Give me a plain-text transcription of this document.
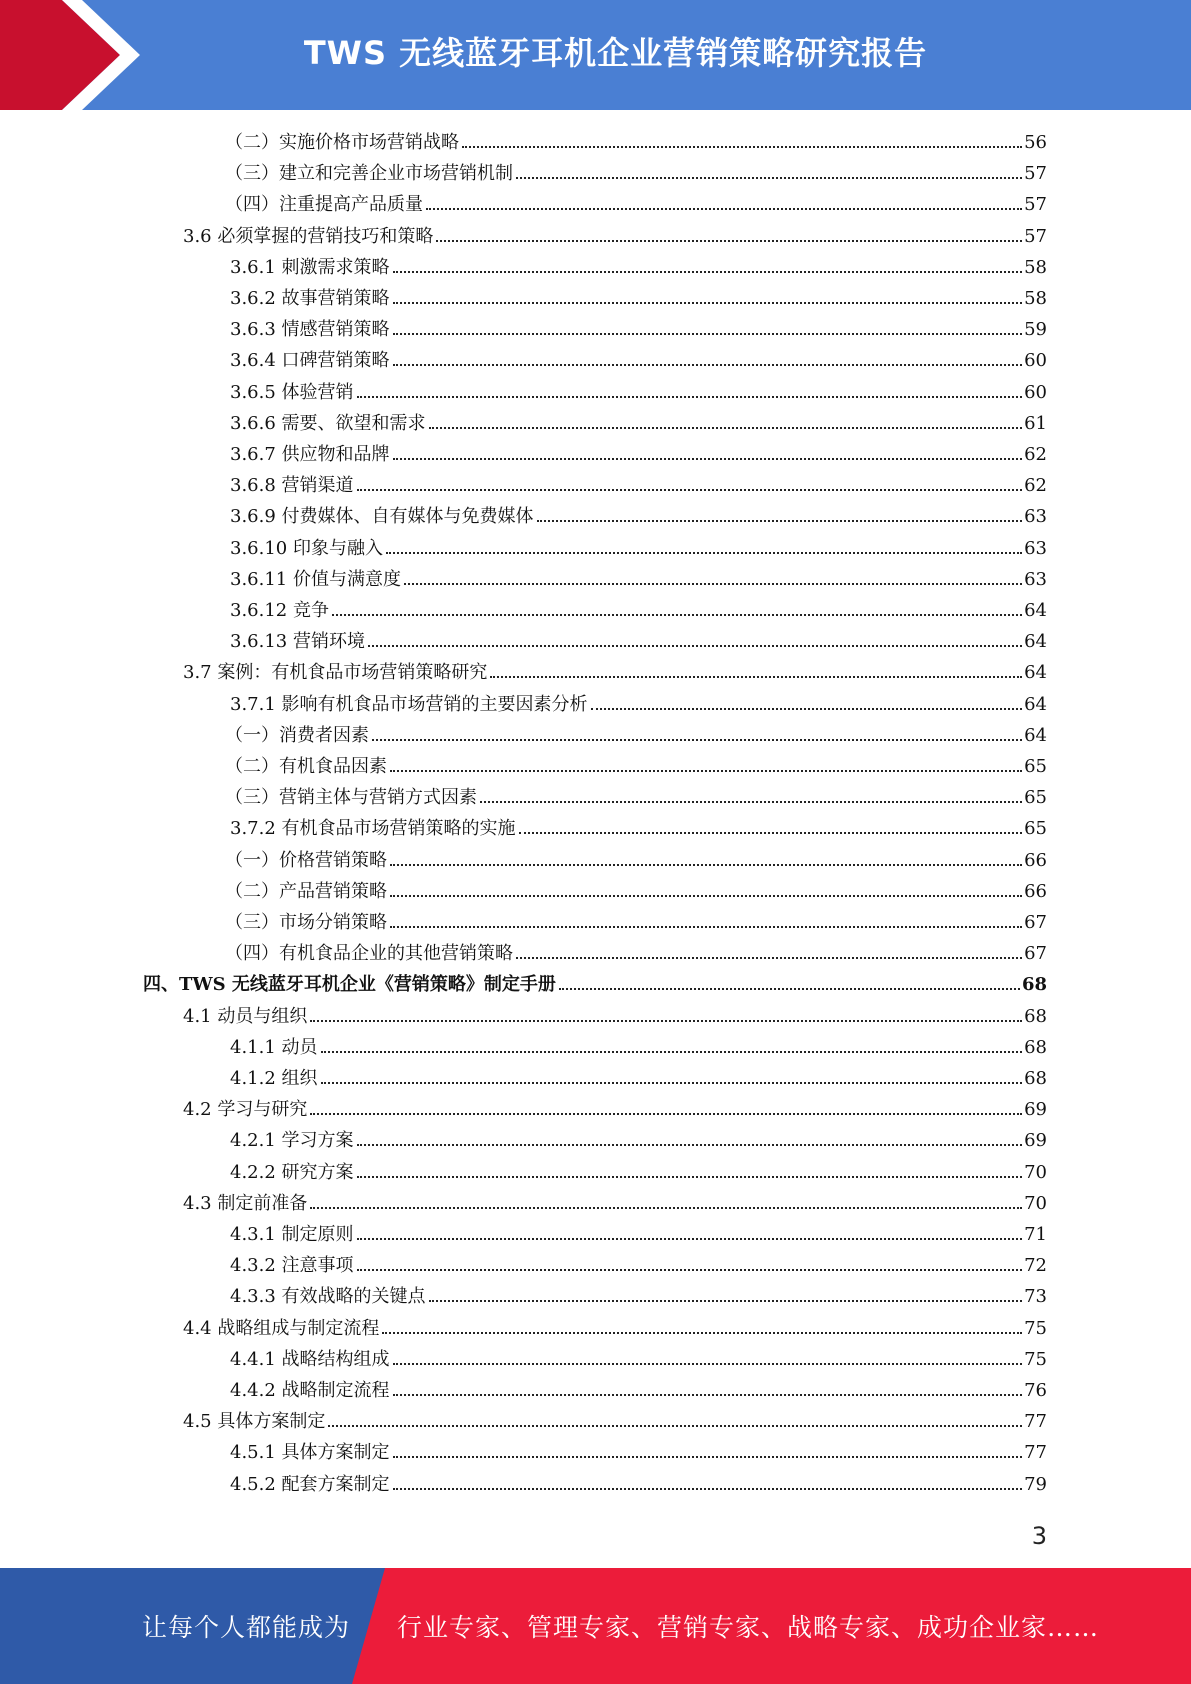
TWS 无线蓝牙耳机企业营销策略研究报告
（二）实施价格市场营销战略	56
（三）建立和完善企业市场营销机制	57
（四）注重提高产品质量	57
3.6 必须掌握的营销技巧和策略	57
3.6.1 刺激需求策略	58
3.6.2 故事营销策略	58
3.6.3 情感营销策略	59
3.6.4 口碑营销策略	60
3.6.5 体验营销	60
3.6.6 需要、欲望和需求	61
3.6.7 供应物和品牌	62
3.6.8 营销渠道	62
3.6.9 付费媒体、自有媒体与免费媒体	63
3.6.10 印象与融入	63
3.6.11 价值与满意度	63
3.6.12 竞争	64
3.6.13 营销环境	64
3.7 案例：有机食品市场营销策略研究	64
3.7.1 影响有机食品市场营销的主要因素分析	64
（一）消费者因素	64
（二）有机食品因素	65
（三）营销主体与营销方式因素	65
3.7.2 有机食品市场营销策略的实施	65
（一）价格营销策略	66
（二）产品营销策略	66
（三）市场分销策略	67
（四）有机食品企业的其他营销策略	67
四、TWS 无线蓝牙耳机企业《营销策略》制定手册	68
4.1 动员与组织	68
4.1.1 动员	68
4.1.2 组织	68
4.2 学习与研究	69
4.2.1 学习方案	69
4.2.2 研究方案	70
4.3 制定前准备	70
4.3.1 制定原则	71
4.3.2 注意事项	72
4.3.3 有效战略的关键点	73
4.4 战略组成与制定流程	75
4.4.1 战略结构组成	75
4.4.2 战略制定流程	76
4.5 具体方案制定	77
4.5.1 具体方案制定	77
4.5.2 配套方案制定	79
3
让每个人都能成为 行业专家、管理专家、营销专家、战略专家、成功企业家……
